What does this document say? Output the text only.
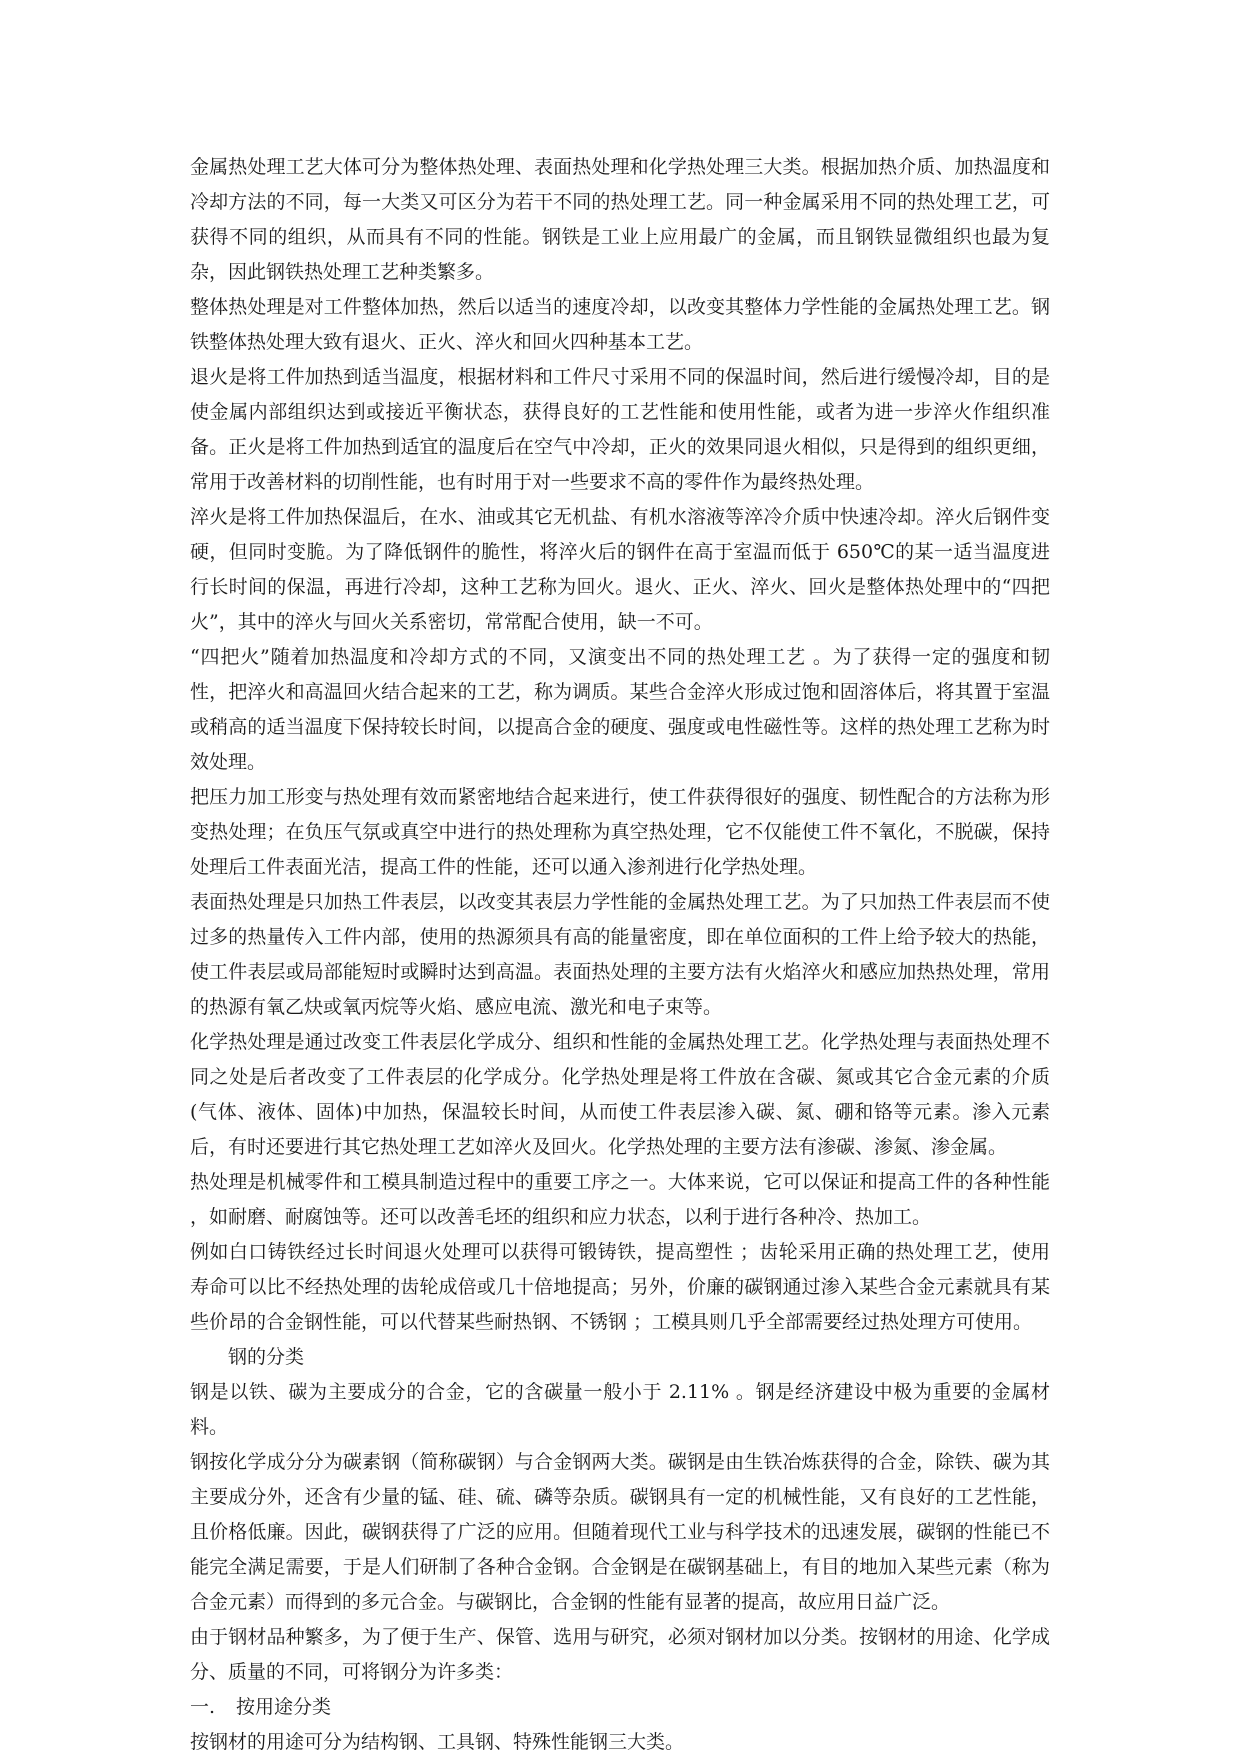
金属热处理工艺大体可分为整体热处理、表面热处理和化学热处理三大类。根据加热介质、加热温度和冷却方法的不同，每一大类又可区分为若干不同的热处理工艺。同一种金属采用不同的热处理工艺，可获得不同的组织，从而具有不同的性能。钢铁是工业上应用最广的金属，而且钢铁显微组织也最为复杂，因此钢铁热处理工艺种类繁多。

整体热处理是对工件整体加热，然后以适当的速度冷却，以改变其整体力学性能的金属热处理工艺。钢铁整体热处理大致有退火、正火、淬火和回火四种基本工艺。

退火是将工件加热到适当温度，根据材料和工件尺寸采用不同的保温时间，然后进行缓慢冷却，目的是使金属内部组织达到或接近平衡状态，获得良好的工艺性能和使用性能，或者为进一步淬火作组织准备。正火是将工件加热到适宜的温度后在空气中冷却，正火的效果同退火相似，只是得到的组织更细，常用于改善材料的切削性能，也有时用于对一些要求不高的零件作为最终热处理。

淬火是将工件加热保温后，在水、油或其它无机盐、有机水溶液等淬冷介质中快速冷却。淬火后钢件变硬，但同时变脆。为了降低钢件的脆性，将淬火后的钢件在高于室温而低于 650℃的某一适当温度进行长时间的保温，再进行冷却，这种工艺称为回火。退火、正火、淬火、回火是整体热处理中的“四把火”，其中的淬火与回火关系密切，常常配合使用，缺一不可。

“四把火”随着加热温度和冷却方式的不同，又演变出不同的热处理工艺 。为了获得一定的强度和韧性，把淬火和高温回火结合起来的工艺，称为调质。某些合金淬火形成过饱和固溶体后，将其置于室温或稍高的适当温度下保持较长时间，以提高合金的硬度、强度或电性磁性等。这样的热处理工艺称为时效处理。

把压力加工形变与热处理有效而紧密地结合起来进行，使工件获得很好的强度、韧性配合的方法称为形变热处理；在负压气氛或真空中进行的热处理称为真空热处理，它不仅能使工件不氧化，不脱碳，保持处理后工件表面光洁，提高工件的性能，还可以通入渗剂进行化学热处理。

表面热处理是只加热工件表层，以改变其表层力学性能的金属热处理工艺。为了只加热工件表层而不使过多的热量传入工件内部，使用的热源须具有高的能量密度，即在单位面积的工件上给予较大的热能，使工件表层或局部能短时或瞬时达到高温。表面热处理的主要方法有火焰淬火和感应加热热处理，常用的热源有氧乙炔或氧丙烷等火焰、感应电流、激光和电子束等。

化学热处理是通过改变工件表层化学成分、组织和性能的金属热处理工艺。化学热处理与表面热处理不同之处是后者改变了工件表层的化学成分。化学热处理是将工件放在含碳、氮或其它合金元素的介质(气体、液体、固体)中加热，保温较长时间，从而使工件表层渗入碳、氮、硼和铬等元素。渗入元素后，有时还要进行其它热处理工艺如淬火及回火。化学热处理的主要方法有渗碳、渗氮、渗金属。

热处理是机械零件和工模具制造过程中的重要工序之一。大体来说，它可以保证和提高工件的各种性能 ，如耐磨、耐腐蚀等。还可以改善毛坯的组织和应力状态，以利于进行各种冷、热加工。

例如白口铸铁经过长时间退火处理可以获得可锻铸铁，提高塑性 ；齿轮采用正确的热处理工艺，使用寿命可以比不经热处理的齿轮成倍或几十倍地提高；另外，价廉的碳钢通过渗入某些合金元素就具有某些价昂的合金钢性能，可以代替某些耐热钢、不锈钢 ；工模具则几乎全部需要经过热处理方可使用。

钢的分类

钢是以铁、碳为主要成分的合金，它的含碳量一般小于 2.11% 。钢是经济建设中极为重要的金属材料。

钢按化学成分分为碳素钢（简称碳钢）与合金钢两大类。碳钢是由生铁冶炼获得的合金，除铁、碳为其主要成分外，还含有少量的锰、硅、硫、磷等杂质。碳钢具有一定的机械性能，又有良好的工艺性能，且价格低廉。因此，碳钢获得了广泛的应用。但随着现代工业与科学技术的迅速发展，碳钢的性能已不能完全满足需要，于是人们研制了各种合金钢。合金钢是在碳钢基础上，有目的地加入某些元素（称为合金元素）而得到的多元合金。与碳钢比，合金钢的性能有显著的提高，故应用日益广泛。

由于钢材品种繁多，为了便于生产、保管、选用与研究，必须对钢材加以分类。按钢材的用途、化学成分、质量的不同，可将钢分为许多类：

一. 按用途分类

按钢材的用途可分为结构钢、工具钢、特殊性能钢三大类。
